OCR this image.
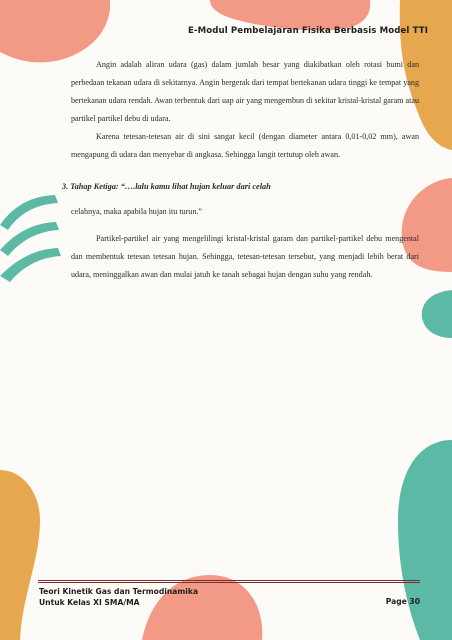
E-Modul Pembelajaran Fisika Berbasis Model TTI

Angin adalah aliran udara (gas) dalam jumlah besar yang diakibatkan oleh rotasi bumi dan perbedaan tekanan udara di sekitarnya. Angin bergerak dari tempat bertekanan udara tinggi ke tempat yang bertekanan udara rendah. Awan terbentuk dari uap air yang mengembun di sekitar kristal-kristal garam atau partikel partikel debu di udara.

Karena tetesan-tetesan air di sini sangat kecil (dengan diameter antara 0,01-0,02 mm), awan mengapung di udara dan menyebar di angkasa. Sehingga langit tertutup oleh awan.

3. Tahap Ketiga: “….lalu kamu lihat hujan keluar dari celah

celahnya, maka apabila hujan itu turun.”

Partikel-partikel air yang mengelilingi kristal-kristal garam dan partikel-partikel debu mengental dan membentuk tetesan tetesan hujan. Sehingga, tetesan-tetesan tersebut, yang menjadi lebih berat dari udara, meninggalkan awan dan mulai jatuh ke tanah sebagai hujan dengan suhu yang rendah.

Teori Kinetik Gas dan Termodinamika
Untuk Kelas XI SMA/MA	Page 30
